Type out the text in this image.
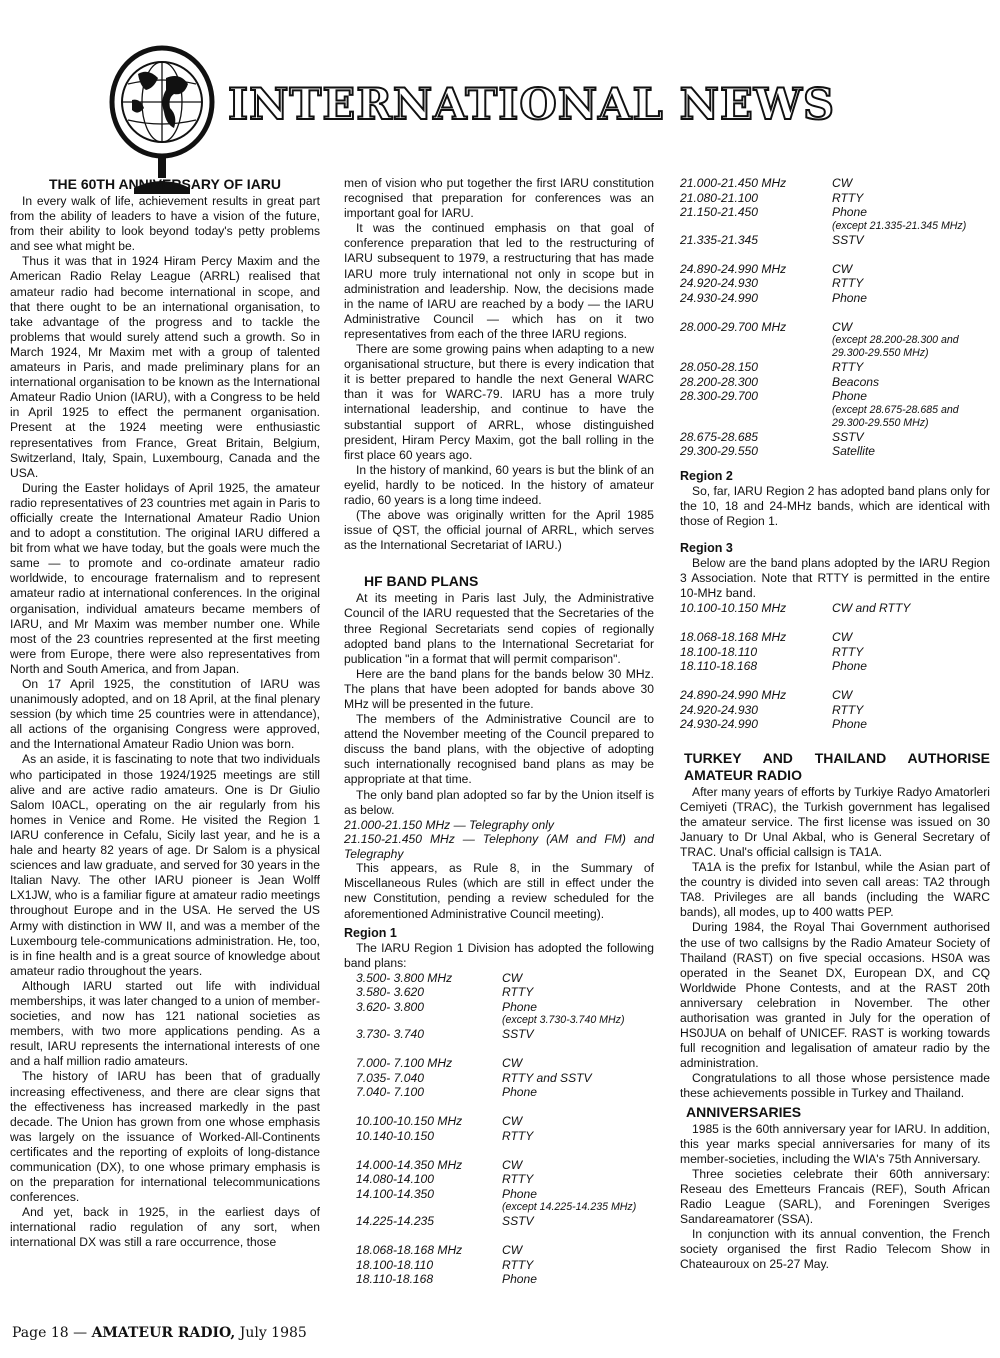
INTERNATIONAL NEWS
THE 60TH ANNIVERSARY OF IARU

In every walk of life, achievement results in great part from the ability of leaders to have a vision of the future, from their ability to look beyond today's petty problems and see what might be.

Thus it was that in 1924 Hiram Percy Maxim and the American Radio Relay League (ARRL) realised that amateur radio had become international in scope, and that there ought to be an international organisation, to take advantage of the progress and to tackle the problems that would surely attend such a growth. So in March 1924, Mr Maxim met with a group of talented amateurs in Paris, and made preliminary plans for an international organisation to be known as the International Amateur Radio Union (IARU), with a Congress to be held in April 1925 to effect the permanent organisation. Present at the 1924 meeting were enthusiastic representatives from France, Great Britain, Belgium, Switzerland, Italy, Spain, Luxembourg, Canada and the USA.

During the Easter holidays of April 1925, the amateur radio representatives of 23 countries met again in Paris to officially create the International Amateur Radio Union and to adopt a constitution. The original IARU differed a bit from what we have today, but the goals were much the same — to promote and co-ordinate amateur radio worldwide, to encourage fraternalism and to represent amateur radio at international conferences. In the original organisation, individual amateurs became members of IARU, and Mr Maxim was member number one. While most of the 23 countries represented at the first meeting were from Europe, there were also representatives from North and South America, and from Japan.

On 17 April 1925, the constitution of IARU was unanimously adopted, and on 18 April, at the final plenary session (by which time 25 countries were in attendance), all actions of the organising Congress were approved, and the International Amateur Radio Union was born.

As an aside, it is fascinating to note that two individuals who participated in those 1924/1925 meetings are still alive and are active radio amateurs. One is Dr Giulio Salom I0ACL, operating on the air regularly from his homes in Venice and Rome. He visited the Region 1 IARU conference in Cefalu, Sicily last year, and he is a hale and hearty 82 years of age. Dr Salom is a physical sciences and law graduate, and served for 30 years in the Italian Navy. The other IARU pioneer is Jean Wolff LX1JW, who is a familiar figure at amateur radio meetings throughout Europe and in the USA. He served the US Army with distinction in WW II, and was a member of the Luxembourg tele-communications administration. He, too, is in fine health and is a great source of knowledge about amateur radio throughout the years.

Although IARU started out life with individual memberships, it was later changed to a union of member-societies, and now has 121 national societies as members, with two more applications pending. As a result, IARU represents the international interests of one and a half million radio amateurs.

The history of IARU has been that of gradually increasing effectiveness, and there are clear signs that the effectiveness has increased markedly in the past decade. The Union has grown from one whose emphasis was largely on the issuance of Worked-All-Continents certificates and the reporting of exploits of long-distance communication (DX), to one whose primary emphasis is on the preparation for international telecommunications conferences.

And yet, back in 1925, in the earliest days of international radio regulation of any sort, when international DX was still a rare occurrence, those

men of vision who put together the first IARU constitution recognised that preparation for conferences was an important goal for IARU.

It was the continued emphasis on that goal of conference preparation that led to the restructuring of IARU subsequent to 1979, a restructuring that has made IARU more truly international not only in scope but in administration and leadership. Now, the decisions made in the name of IARU are reached by a body — the IARU Administrative Council — which has on it two representatives from each of the three IARU regions.

There are some growing pains when adapting to a new organisational structure, but there is every indication that it is better prepared to handle the next General WARC than it was for WARC-79. IARU has a more truly international leadership, and continue to have the substantial support of ARRL, whose distinguished president, Hiram Percy Maxim, got the ball rolling in the first place 60 years ago.

In the history of mankind, 60 years is but the blink of an eyelid, hardly to be noticed. In the history of amateur radio, 60 years is a long time indeed.

(The above was originally written for the April 1985 issue of QST, the official journal of ARRL, which serves as the International Secretariat of IARU.)

HF BAND PLANS

At its meeting in Paris last July, the Administrative Council of the IARU requested that the Secretaries of the three Regional Secretariats send copies of regionally adopted band plans to the International Secretariat for publication "in a format that will permit comparison".

Here are the band plans for the bands below 30 MHz. The plans that have been adopted for bands above 30 MHz will be presented in the future.

The members of the Administrative Council are to attend the November meeting of the Council prepared to discuss the band plans, with the objective of adopting such internationally recognised band plans as may be appropriate at that time.

The only band plan adopted so far by the Union itself is as below.

21.000-21.150 MHz — Telegraphy only

21.150-21.450 MHz — Telephony (AM and FM) and Telegraphy

This appears, as Rule 8, in the Summary of Miscellaneous Rules (which are still in effect under the new Constitution, pending a review scheduled for the aforementioned Administrative Council meeting).

Region 1

The IARU Region 1 Division has adopted the following band plans:

3.500- 3.800 MHz	CW
3.580- 3.620	RTTY
3.620- 3.800	Phone
(except 3.730-3.740 MHz)
3.730- 3.740	SSTV
7.000- 7.100 MHz	CW
7.035- 7.040	RTTY and SSTV
7.040- 7.100	Phone
10.100-10.150 MHz	CW
10.140-10.150	RTTY
14.000-14.350 MHz	CW
14.080-14.100	RTTY
14.100-14.350	Phone
(except 14.225-14.235 MHz)
14.225-14.235	SSTV
18.068-18.168 MHz	CW
18.100-18.110	RTTY
18.110-18.168	Phone
21.000-21.450 MHz	CW
21.080-21.100	RTTY
21.150-21.450	Phone
(except 21.335-21.345 MHz)
21.335-21.345	SSTV
24.890-24.990 MHz	CW
24.920-24.930	RTTY
24.930-24.990	Phone
28.000-29.700 MHz	CW
(except 28.200-28.300 and
29.300-29.550 MHz)
28.050-28.150	RTTY
28.200-28.300	Beacons
28.300-29.700	Phone
(except 28.675-28.685 and
29.300-29.550 MHz)
28.675-28.685	SSTV
29.300-29.550	Satellite
Region 2

So, far, IARU Region 2 has adopted band plans only for the 10, 18 and 24-MHz bands, which are identical with those of Region 1.

Region 3

Below are the band plans adopted by the IARU Region 3 Association. Note that RTTY is permitted in the entire 10-MHz band.

10.100-10.150 MHz	CW and RTTY
18.068-18.168 MHz	CW
18.100-18.110	RTTY
18.110-18.168	Phone
24.890-24.990 MHz	CW
24.920-24.930	RTTY
24.930-24.990	Phone
TURKEY AND THAILAND AUTHORISE AMATEUR RADIO

After many years of efforts by Turkiye Radyo Amatorleri Cemiyeti (TRAC), the Turkish government has legalised the amateur service. The first license was issued on 30 January to Dr Unal Akbal, who is General Secretary of TRAC. Unal's official callsign is TA1A.

TA1A is the prefix for Istanbul, while the Asian part of the country is divided into seven call areas: TA2 through TA8. Privileges are all bands (including the WARC bands), all modes, up to 400 watts PEP.

During 1984, the Royal Thai Government authorised the use of two callsigns by the Radio Amateur Society of Thailand (RAST) on five special occasions. HS0A was operated in the Seanet DX, European DX, and CQ Worldwide Phone Contests, and at the RAST 20th anniversary celebration in November. The other authorisation was granted in July for the operation of HS0JUA on behalf of UNICEF. RAST is working towards full recognition and legalisation of amateur radio by the administration.

Congratulations to all those whose persistence made these achievements possible in Turkey and Thailand.

ANNIVERSARIES

1985 is the 60th anniversary year for IARU. In addition, this year marks special anniversaries for many of its member-societies, including the WIA's 75th Anniversary.

Three societies celebrate their 60th anniversary: Reseau des Emetteurs Francais (REF), South African Radio League (SARL), and Foreningen Sveriges Sandareamatorer (SSA).

In conjunction with its annual convention, the French society organised the first Radio Telecom Show in Chateauroux on 25-27 May.

Page 18 — AMATEUR RADIO, July 1985
